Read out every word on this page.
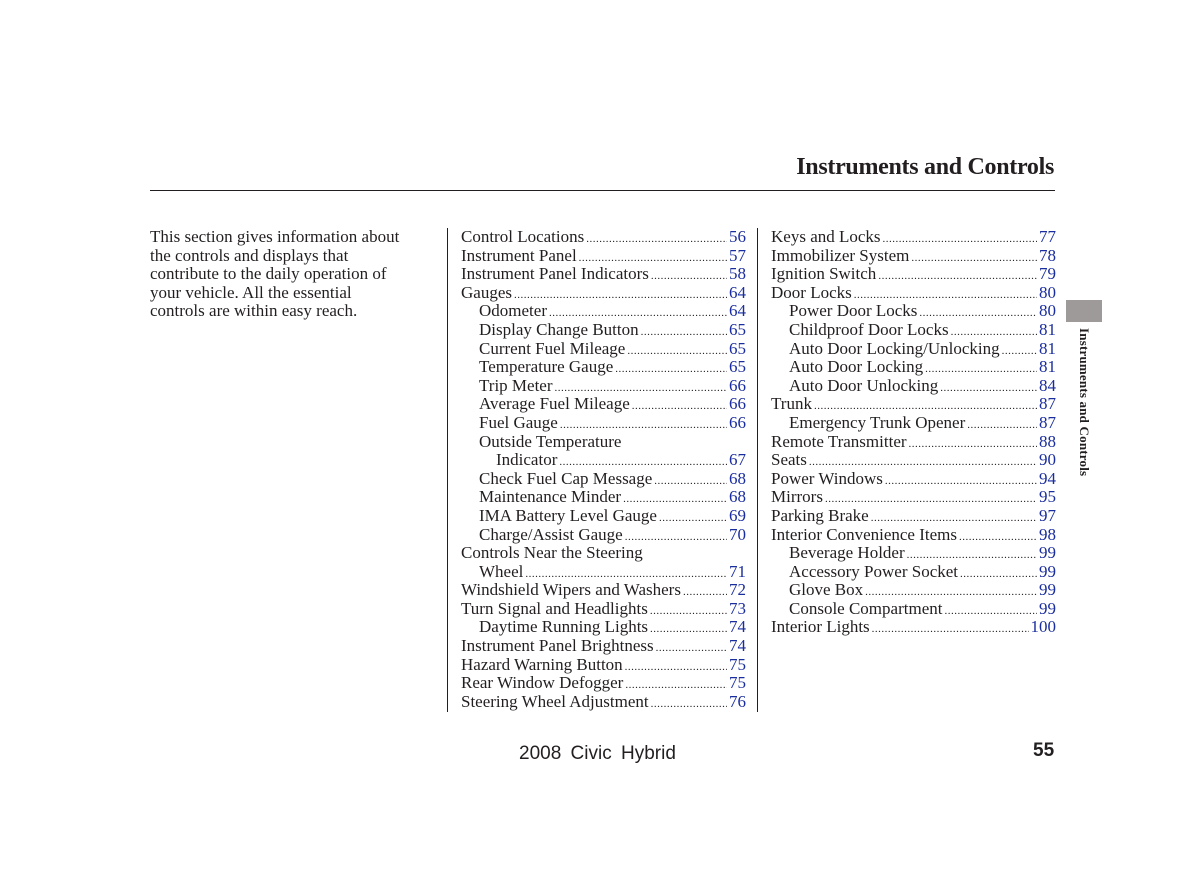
Instruments and Controls
This section gives information about
the controls and displays that
contribute to the daily operation of
your vehicle. All the essential
controls are within easy reach.
Control Locations .....	56
Instrument Panel .....	57
Instrument Panel Indicators .....	58
Gauges .....	64
Odometer .....	64
Display Change Button .....	65
Current Fuel Mileage .....	65
Temperature Gauge .....	65
Trip Meter .....	66
Average Fuel Mileage .....	66
Fuel Gauge .....	66
Outside Temperature
Indicator .....	67
Check Fuel Cap Message .....	68
Maintenance Minder .....	68
IMA Battery Level Gauge .....	69
Charge/Assist Gauge .....	70
Controls Near the Steering
Wheel .....	71
Windshield Wipers and Washers .....	72
Turn Signal and Headlights .....	73
Daytime Running Lights .....	74
Instrument Panel Brightness .....	74
Hazard Warning Button .....	75
Rear Window Defogger .....	75
Steering Wheel Adjustment .....	76
Keys and Locks .....	77
Immobilizer System .....	78
Ignition Switch .....	79
Door Locks .....	80
Power Door Locks .....	80
Childproof Door Locks .....	81
Auto Door Locking/Unlocking ..... 81
Auto Door Locking .....	81
Auto Door Unlocking .....	84
Trunk .....	87
Emergency Trunk Opener .....	87
Remote Transmitter .....	88
Seats .....	90
Power Windows .....	94
Mirrors .....	95
Parking Brake .....	97
Interior Convenience Items .....	98
Beverage Holder .....	99
Accessory Power Socket .....	99
Glove Box .....	99
Console Compartment .....	99
Interior Lights .....	100
Instruments and Controls
2008 Civic Hybrid	55
